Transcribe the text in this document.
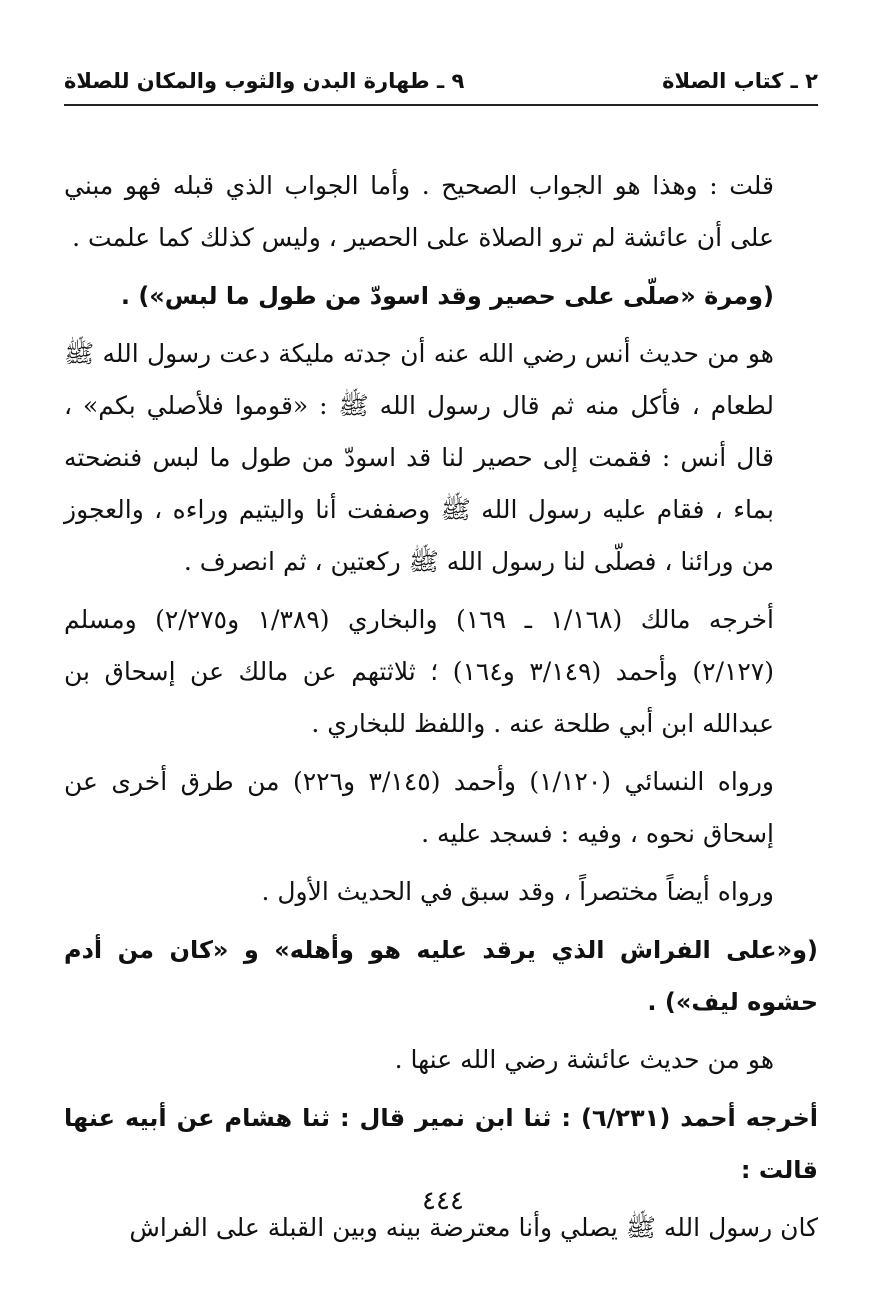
٢ ـ كتاب الصلاة
٩ ـ طهارة البدن والثوب والمكان للصلاة

قلت : وهذا هو الجواب الصحيح . وأما الجواب الذي قبله فهو مبني على أن عائشة لم ترو الصلاة على الحصير ، وليس كذلك كما علمت .

(ومرة «صلّى على حصير وقد اسودّ من طول ما لبس») .

هو من حديث أنس رضي الله عنه أن جدته مليكة دعت رسول الله ﷺ لطعام ، فأكل منه ثم قال رسول الله ﷺ : «قوموا فلأصلي بكم» ، قال أنس : فقمت إلى حصير لنا قد اسودّ من طول ما لبس فنضحته بماء ، فقام عليه رسول الله ﷺ وصففت أنا واليتيم وراءه ، والعجوز من ورائنا ، فصلّى لنا رسول الله ﷺ ركعتين ، ثم انصرف .

أخرجه مالك (١/١٦٨ ـ ١٦٩) والبخاري (١/٣٨٩ و٢/٢٧٥) ومسلم (٢/١٢٧) وأحمد (٣/١٤٩ و١٦٤) ؛ ثلاثتهم عن مالك عن إسحاق بن عبدالله ابن أبي طلحة عنه . واللفظ للبخاري .

ورواه النسائي (١/١٢٠) وأحمد (٣/١٤٥ و٢٢٦) من طرق أخرى عن إسحاق نحوه ، وفيه : فسجد عليه .

ورواه أيضاً مختصراً ، وقد سبق في الحديث الأول .

(و«على الفراش الذي يرقد عليه هو وأهله» و «كان من أدم حشوه ليف») .

هو من حديث عائشة رضي الله عنها .

أخرجه أحمد (٦/٢٣١) : ثنا ابن نمير قال : ثنا هشام عن أبيه عنها قالت :

كان رسول الله ﷺ يصلي وأنا معترضة بينه وبين القبلة على الفراش

٤٤٤
